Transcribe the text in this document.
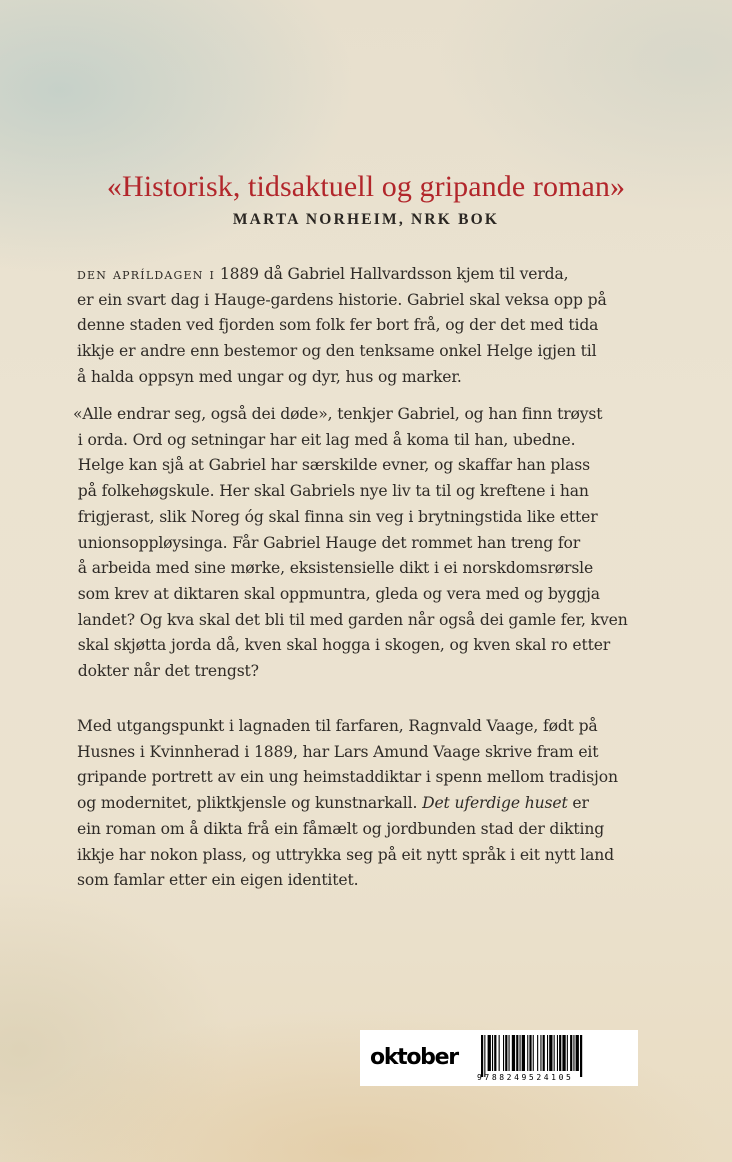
«Historisk, tidsaktuell og gripande roman»
MARTA NORHEIM, NRK BOK

den apríldagen i 1889 då Gabriel Hallvardsson kjem til verda,

er ein svart dag i Hauge-gardens historie. Gabriel skal veksa opp på

denne staden ved fjorden som folk fer bort frå, og der det med tida

ikkje er andre enn bestemor og den tenksame onkel Helge igjen til

å halda oppsyn med ungar og dyr, hus og marker.

«Alle endrar seg, også dei døde», tenkjer Gabriel, og han finn trøyst

i orda. Ord og setningar har eit lag med å koma til han, ubedne.

Helge kan sjå at Gabriel har særskilde evner, og skaffar han plass

på folkehøgskule. Her skal Gabriels nye liv ta til og kreftene i han

frigjerast, slik Noreg óg skal finna sin veg i brytningstida like etter

unionsoppløysinga. Får Gabriel Hauge det rommet han treng for

å arbeida med sine mørke, eksistensielle dikt i ei norskdomsrørsle

som krev at diktaren skal oppmuntra, gleda og vera med og byggja

landet? Og kva skal det bli til med garden når også dei gamle fer, kven

skal skjøtta jorda då, kven skal hogga i skogen, og kven skal ro etter

dokter når det trengst?

Med utgangspunkt i lagnaden til farfaren, Ragnvald Vaage, født på

Husnes i Kvinnherad i 1889, har Lars Amund Vaage skrive fram eit

gripande portrett av ein ung heimstaddiktar i spenn mellom tradisjon

og modernitet, pliktkjensle og kunstnarkall. Det uferdige huset er

ein roman om å dikta frå ein fåmælt og jordbunden stad der dikting

ikkje har nokon plass, og uttrykka seg på eit nytt språk i eit nytt land

som famlar etter ein eigen identitet.

oktober
9788249524105
